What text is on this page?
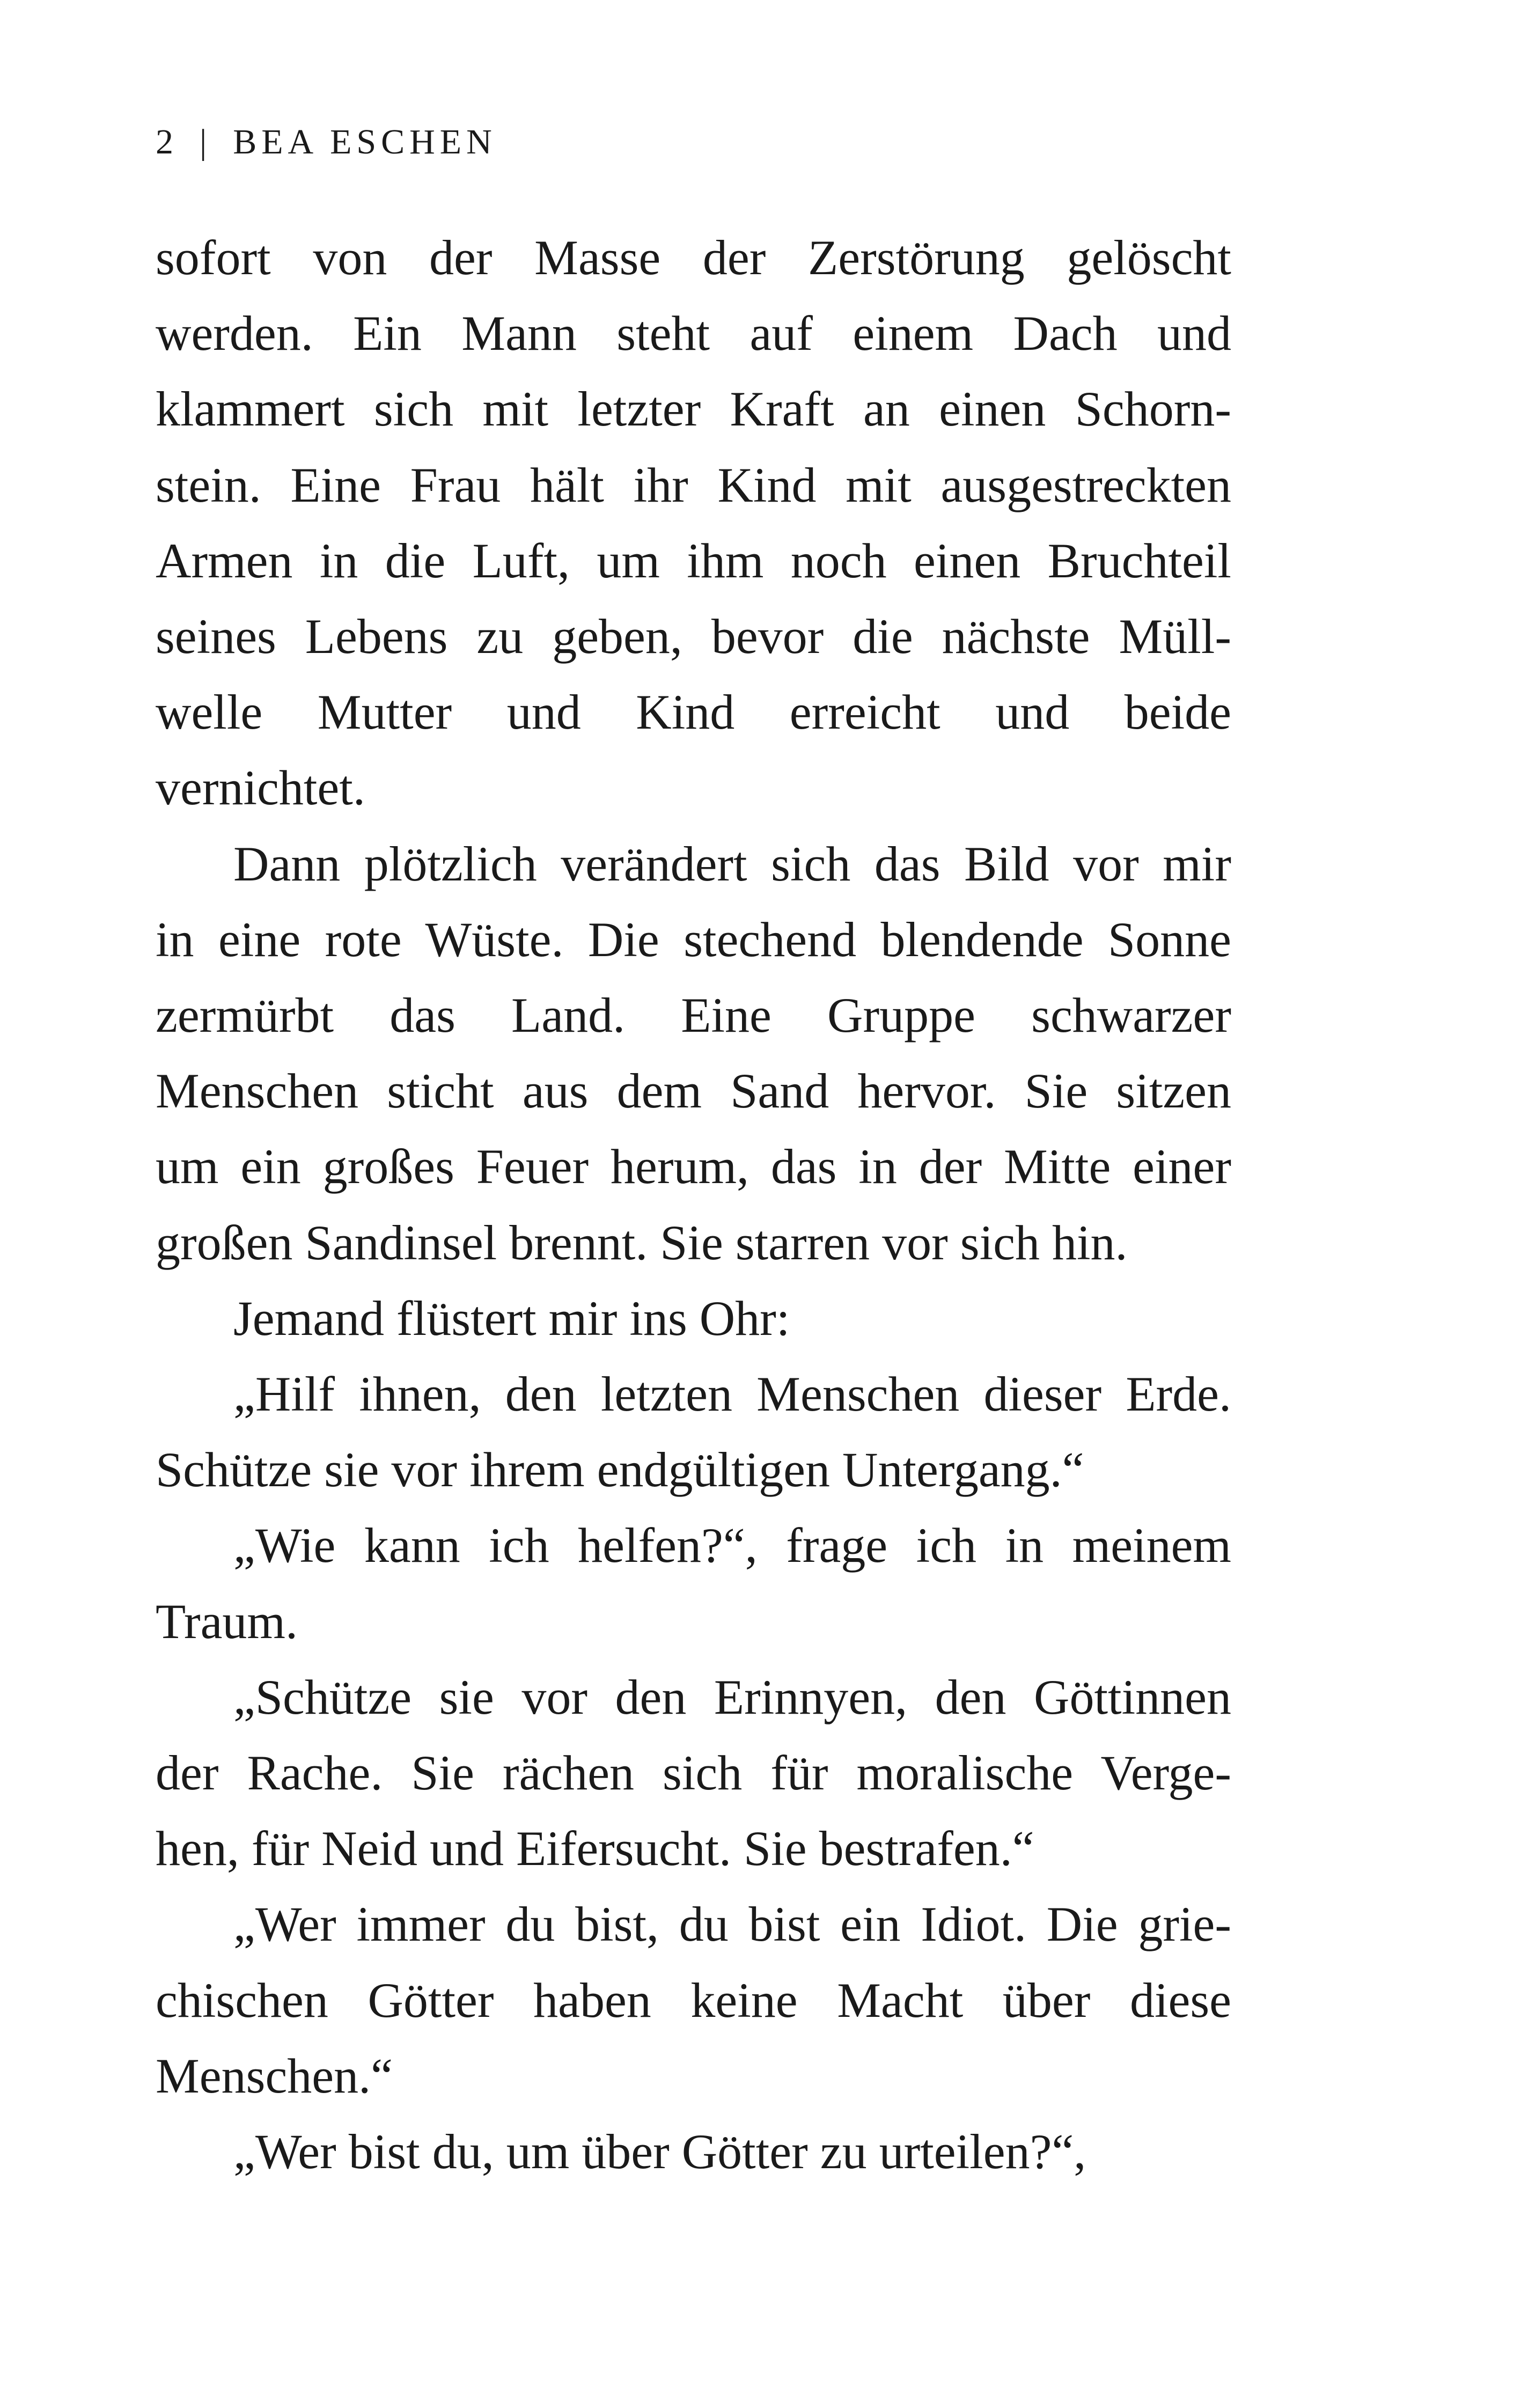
2 | BEA ESCHEN

sofort von der Masse der Zerstörung gelöscht
werden. Ein Mann steht auf einem Dach und
klammert sich mit letzter Kraft an einen Schorn-
stein. Eine Frau hält ihr Kind mit ausgestreckten
Armen in die Luft, um ihm noch einen Bruchteil
seines Lebens zu geben, bevor die nächste Müll-
welle Mutter und Kind erreicht und beide
vernichtet.

Dann plötzlich verändert sich das Bild vor mir
in eine rote Wüste. Die stechend blendende Sonne
zermürbt das Land. Eine Gruppe schwarzer
Menschen sticht aus dem Sand hervor. Sie sitzen
um ein großes Feuer herum, das in der Mitte einer
großen Sandinsel brennt. Sie starren vor sich hin.

Jemand flüstert mir ins Ohr:

„Hilf ihnen, den letzten Menschen dieser Erde.
Schütze sie vor ihrem endgültigen Untergang.“

„Wie kann ich helfen?“, frage ich in meinem
Traum.

„Schütze sie vor den Erinnyen, den Göttinnen
der Rache. Sie rächen sich für moralische Verge-
hen, für Neid und Eifersucht. Sie bestrafen.“

„Wer immer du bist, du bist ein Idiot. Die grie-
chischen Götter haben keine Macht über diese
Menschen.“

„Wer bist du, um über Götter zu urteilen?“,
